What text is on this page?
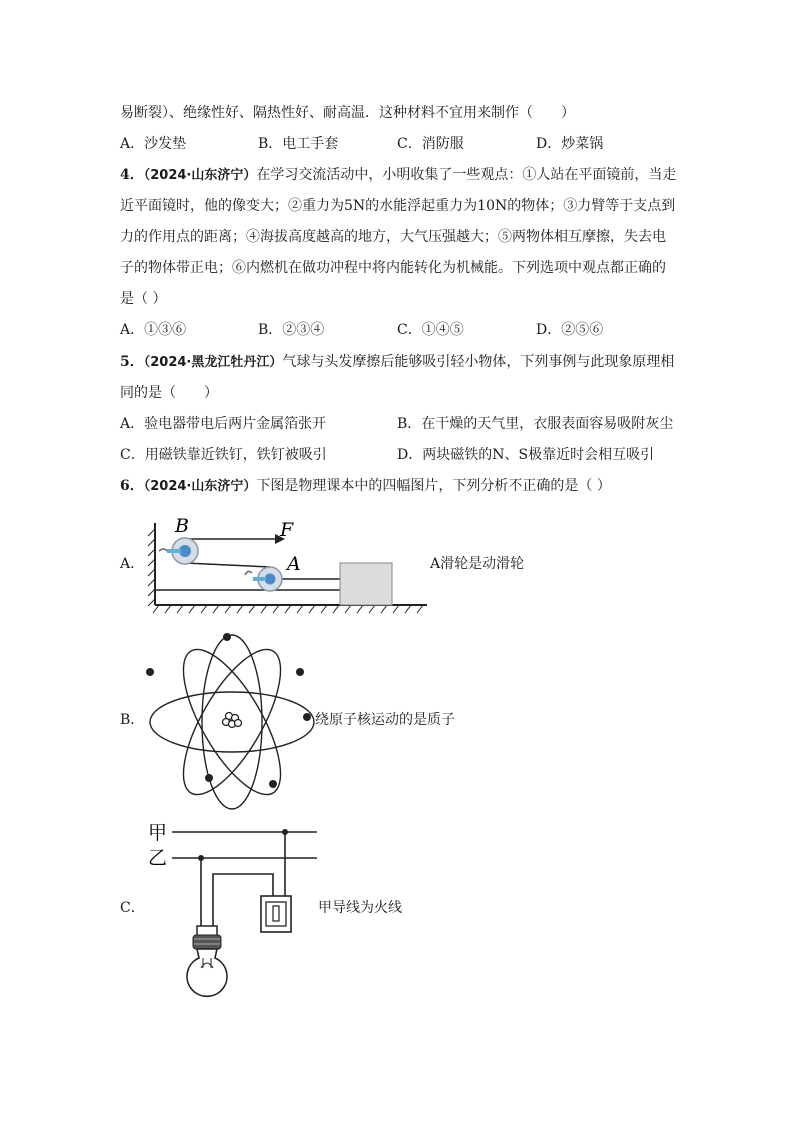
易断裂）、绝缘性好、隔热性好、耐高温．这种材料不宜用来制作（　　）
A．沙发垫	B．电工手套	C．消防服	D．炒菜锅
4．（2024·山东济宁）在学习交流活动中，小明收集了一些观点：①人站在平面镜前，当走
近平面镜时，他的像变大；②重力为5N的水能浮起重力为10N的物体；③力臂等于支点到
力的作用点的距离；④海拔高度越高的地方，大气压强越大；⑤两物体相互摩擦，失去电
子的物体带正电；⑥内燃机在做功冲程中将内能转化为机械能。下列选项中观点都正确的
是（ ）
A．①③⑥	B．②③④	C．①④⑤	D．②⑤⑥
5．（2024·黑龙江牡丹江）气球与头发摩擦后能够吸引轻小物体，下列事例与此现象原理相
同的是（　　）
A．验电器带电后两片金属箔张开	B．在干燥的天气里，衣服表面容易吸附灰尘
C．用磁铁靠近铁钉，铁钉被吸引	D．两块磁铁的N、S极靠近时会相互吸引
6．（2024·山东济宁）下图是物理课本中的四幅图片，下列分析不正确的是（ ）
A．
B	F
A	A滑轮是动滑轮
B．	绕原子核运动的是质子
C．
甲
乙
甲导线为火线
